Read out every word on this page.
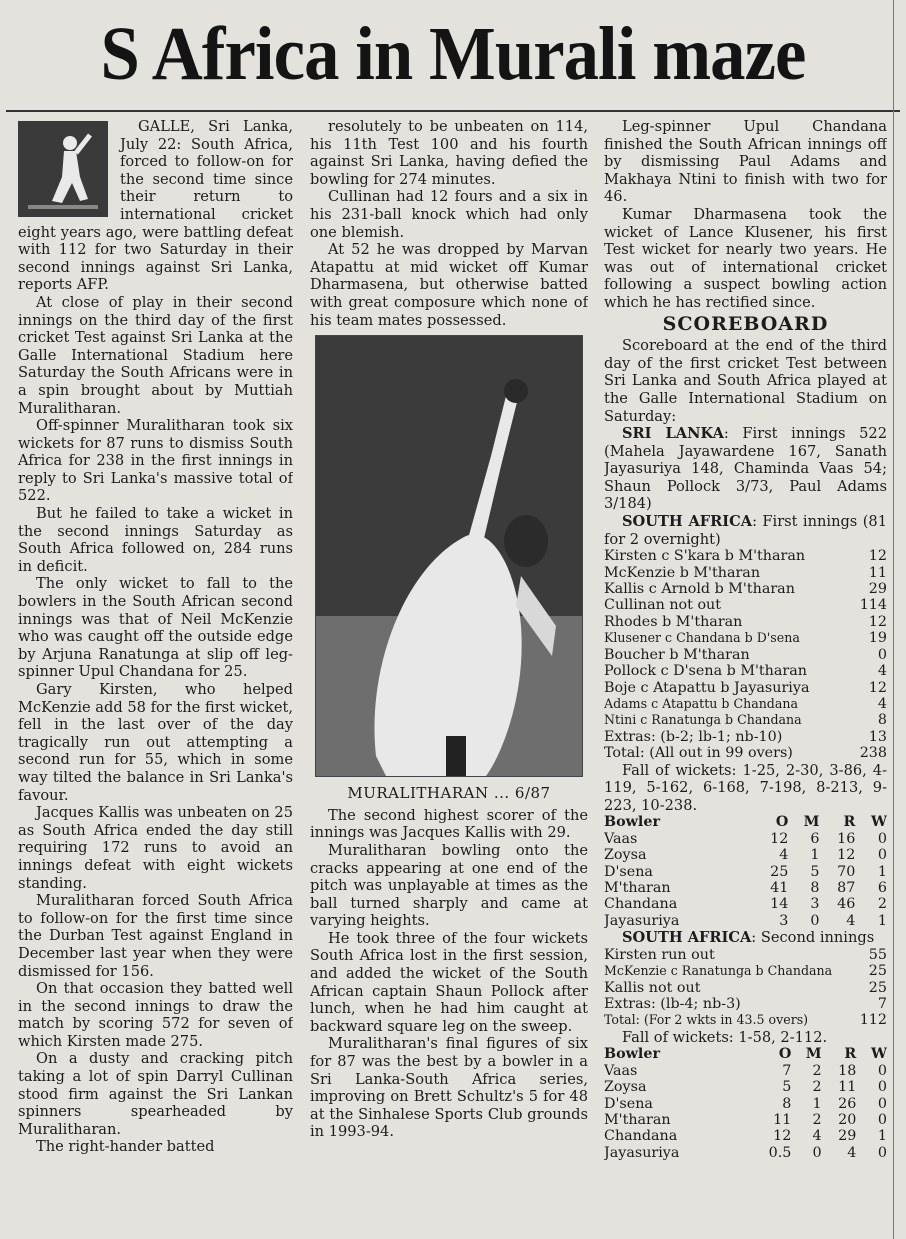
S Africa in Murali maze

GALLE, Sri Lanka, July 22: South Africa, forced to follow-on for the second time since their return to international cricket eight years ago, were battling defeat with 112 for two Saturday in their second innings against Sri Lanka, reports AFP.

At close of play in their second innings on the third day of the first cricket Test against Sri Lanka at the Galle International Stadium here Saturday the South Africans were in a spin brought about by Muttiah Muralitharan.

Off-spinner Muralitharan took six wickets for 87 runs to dismiss South Africa for 238 in the first innings in reply to Sri Lanka's massive total of 522.

But he failed to take a wicket in the second innings Saturday as South Africa followed on, 284 runs in deficit.

The only wicket to fall to the bowlers in the South African second innings was that of Neil McKenzie who was caught off the outside edge by Arjuna Ranatunga at slip off leg-spinner Upul Chandana for 25.

Gary Kirsten, who helped McKenzie add 58 for the first wicket, fell in the last over of the day tragically run out attempting a second run for 55, which in some way tilted the balance in Sri Lanka's favour.

Jacques Kallis was unbeaten on 25 as South Africa ended the day still requiring 172 runs to avoid an innings defeat with eight wickets standing.

Muralitharan forced South Africa to follow-on for the first time since the Durban Test against England in December last year when they were dismissed for 156.

On that occasion they batted well in the second innings to draw the match by scoring 572 for seven of which Kirsten made 275.

On a dusty and cracking pitch taking a lot of spin Darryl Cullinan stood firm against the Sri Lankan spinners spearheaded by Muralitharan.

The right-hander batted

resolutely to be unbeaten on 114, his 11th Test 100 and his fourth against Sri Lanka, having defied the bowling for 274 minutes.

Cullinan had 12 fours and a six in his 231-ball knock which had only one blemish.

At 52 he was dropped by Marvan Atapattu at mid wicket off Kumar Dharmasena, but otherwise batted with great composure which none of his team mates possessed.

MURALITHARAN ... 6/87

The second highest scorer of the innings was Jacques Kallis with 29.

Muralitharan bowling onto the cracks appearing at one end of the pitch was unplayable at times as the ball turned sharply and came at varying heights.

He took three of the four wickets South Africa lost in the first session, and added the wicket of the South African captain Shaun Pollock after lunch, when he had him caught at backward square leg on the sweep.

Muralitharan's final figures of six for 87 was the best by a bowler in a Sri Lanka-South Africa series, improving on Brett Schultz's 5 for 48 at the Sinhalese Sports Club grounds in 1993-94.

Leg-spinner Upul Chandana finished the South African innings off by dismissing Paul Adams and Makhaya Ntini to finish with two for 46.

Kumar Dharmasena took the wicket of Lance Klusener, his first Test wicket for nearly two years. He was out of international cricket following a suspect bowling action which he has rectified since.

SCOREBOARD

Scoreboard at the end of the third day of the first cricket Test between Sri Lanka and South Africa played at the Galle International Stadium on Saturday:

SRI LANKA: First innings 522 (Mahela Jayawardene 167, Sanath Jayasuriya 148, Chaminda Vaas 54; Shaun Pollock 3/73, Paul Adams 3/184)

SOUTH AFRICA: First innings (81 for 2 overnight)

Kirsten c S'kara b M'tharan	12
McKenzie b M'tharan	11
Kallis c Arnold b M'tharan	29
Cullinan not out	114
Rhodes b M'tharan	12
Klusener c Chandana b D'sena	19
Boucher b M'tharan	0
Pollock c D'sena b M'tharan	4
Boje c Atapattu b Jayasuriya	12
Adams c Atapattu b Chandana	4
Ntini c Ranatunga b Chandana	8
Extras: (b-2; lb-1; nb-10)	13
Total: (All out in 99 overs)	238

Fall of wickets: 1-25, 2-30, 3-86, 4-119, 5-162, 6-168, 7-198, 8-213, 9-223, 10-238.

Bowler	O	M	R	W
Vaas	12	6	16	0
Zoysa	4	1	12	0
D'sena	25	5	70	1
M'tharan	41	8	87	6
Chandana	14	3	46	2
Jayasuriya	3	0	4	1

SOUTH AFRICA: Second innings

Kirsten run out	55
McKenzie c Ranatunga b Chandana	25
Kallis not out	25
Extras: (lb-4; nb-3)	7
Total: (For 2 wkts in 43.5 overs)	112

Fall of wickets: 1-58, 2-112.

Bowler	O	M	R	W
Vaas	7	2	18	0
Zoysa	5	2	11	0
D'sena	8	1	26	0
M'tharan	11	2	20	0
Chandana	12	4	29	1
Jayasuriya	0.5	0	4	0
